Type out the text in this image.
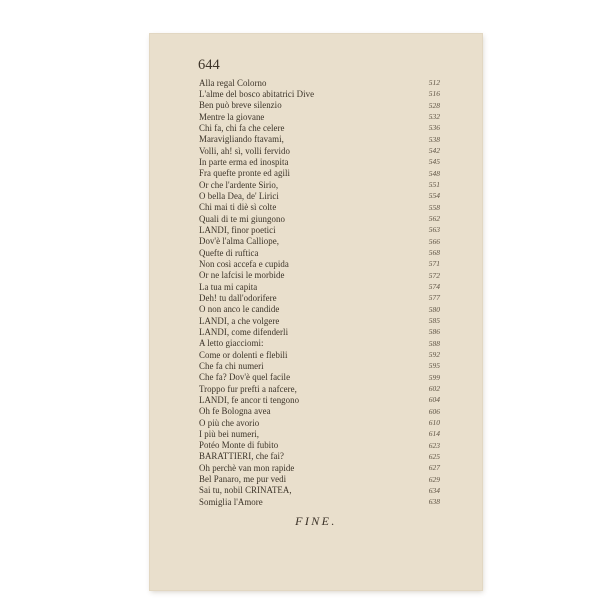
644
Alla regal Colorno	512
L'alme del bosco abitatrici Dive	516
Ben può breve silenzio	528
Mentre la giovane	532
Chi fa, chi fa che celere	536
Maravigliando ftavami,	538
Volli, ah! sì, volli fervido	542
In parte erma ed inospita	545
Fra quefte pronte ed agili	548
Or che l'ardente Sirio,	551
O bella Dea, de' Lirici	554
Chi mai ti diè sì colte	558
Quali di te mi giungono	562
LANDI, finor poetici	563
Dov'è l'alma Calliope,	566
Quefte di ruftica	568
Non così accefa e cupida	571
Or ne lafcisi le morbide	572
La tua mi capita	574
Deh! tu dall'odorifere	577
O non anco le candide	580
LANDI, a che volgere	585
LANDI, come difenderli	586
A letto giacciomi:	588
Come or dolenti e flebili	592
Che fa chi numeri	595
Che fa? Dov'è quel facile	599
Troppo fur prefti a nafcere,	602
LANDI, fe ancor ti tengono	604
Oh fe Bologna avea	606
O più che avorio	610
I più bei numeri,	614
Potéo Monte di fubito	623
BARATTIERI, che fai?	625
Oh perchè van mon rapide	627
Bel Panaro, me pur vedi	629
Sai tu, nobil CRINATEA,	634
Somiglia l'Amore	638
FINE.
